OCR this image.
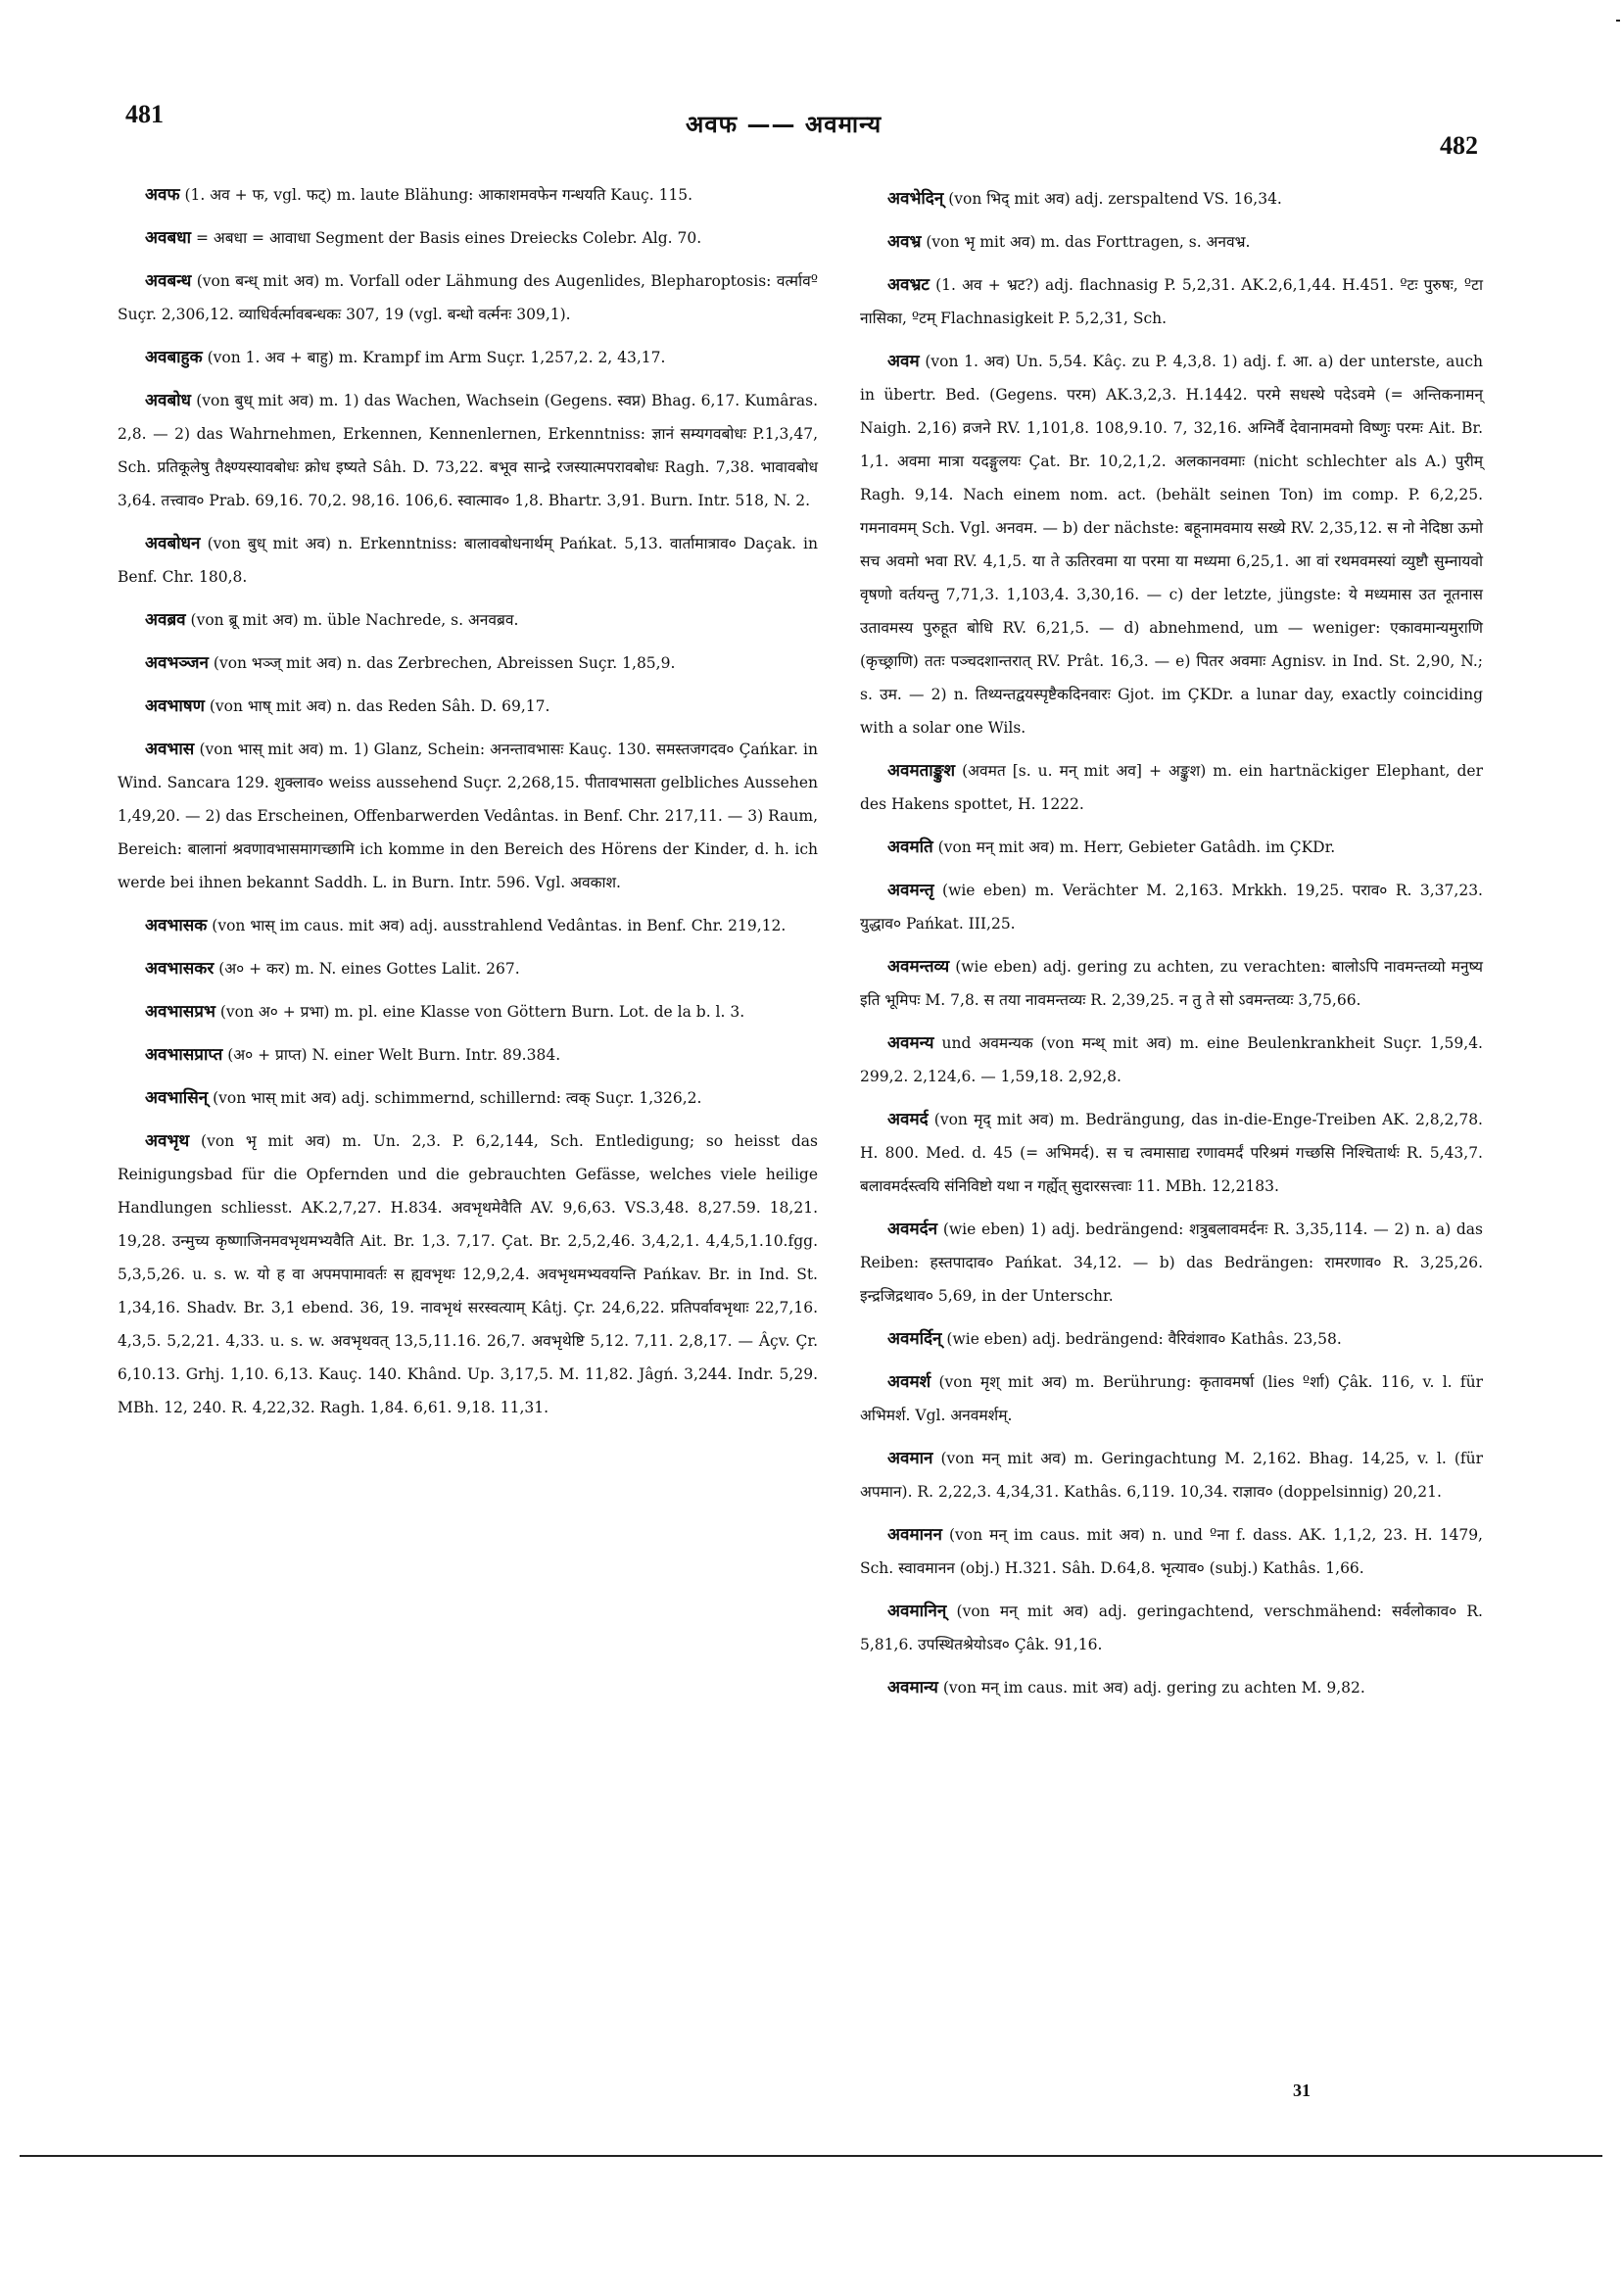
481	अवफ —— अवमान्य
482

अवफ (1. अव + फ, vgl. फट्) m. laute Blähung: आकाशमवफेन गन्धयति Kauç. 115.

अवबधा = अबधा = आवाधा Segment der Basis eines Dreiecks Colebr. Alg. 70.

अवबन्ध (von बन्ध् mit अव) m. Vorfall oder Lähmung des Augenlides, Blepharoptosis: वर्त्मावº Suçr. 2,306,12. व्याधिर्वर्त्मावबन्धकः 307, 19 (vgl. बन्धो वर्त्मनः 309,1).

अवबाहुक (von 1. अव + बाहु) m. Krampf im Arm Suçr. 1,257,2. 2, 43,17.

अवबोध (von बुध् mit अव) m. 1) das Wachen, Wachsein (Gegens. स्वप्न) Bhag. 6,17. Kumâras. 2,8. — 2) das Wahrnehmen, Erkennen, Kennenlernen, Erkenntniss: ज्ञानं सम्यगवबोधः P.1,3,47, Sch. प्रतिकूलेषु तैक्ष्ण्यस्यावबोधः क्रोध इष्यते Sâh. D. 73,22. बभूव सान्द्रे रजस्यात्मपरावबोधः Ragh. 7,38. भावावबोध 3,64. तत्त्वाव० Prab. 69,16. 70,2. 98,16. 106,6. स्वात्माव० 1,8. Bhartr. 3,91. Burn. Intr. 518, N. 2.

अवबोधन (von बुध् mit अव) n. Erkenntniss: बालावबोधनार्थम् Pańkat. 5,13. वार्तामात्राव० Daçak. in Benf. Chr. 180,8.

अवब्रव (von ब्रू mit अव) m. üble Nachrede, s. अनवब्रव.

अवभञ्जन (von भञ्ज् mit अव) n. das Zerbrechen, Abreissen Suçr. 1,85,9.

अवभाषण (von भाष् mit अव) n. das Reden Sâh. D. 69,17.

अवभास (von भास् mit अव) m. 1) Glanz, Schein: अनन्तावभासः Kauç. 130. समस्तजगदव० Çańkar. in Wind. Sancara 129. शुक्लाव० weiss aussehend Suçr. 2,268,15. पीतावभासता gelbliches Aussehen 1,49,20. — 2) das Erscheinen, Offenbarwerden Vedântas. in Benf. Chr. 217,11. — 3) Raum, Bereich: बालानां श्रवणावभासमागच्छामि ich komme in den Bereich des Hörens der Kinder, d. h. ich werde bei ihnen bekannt Saddh. L. in Burn. Intr. 596. Vgl. अवकाश.

अवभासक (von भास् im caus. mit अव) adj. ausstrahlend Vedântas. in Benf. Chr. 219,12.

अवभासकर (अ० + कर) m. N. eines Gottes Lalit. 267.

अवभासप्रभ (von अ० + प्रभा) m. pl. eine Klasse von Göttern Burn. Lot. de la b. l. 3.

अवभासप्राप्त (अ० + प्राप्त) N. einer Welt Burn. Intr. 89.384.

अवभासिन् (von भास् mit अव) adj. schimmernd, schillernd: त्वक् Suçr. 1,326,2.

अवभृथ (von भृ mit अव) m. Un. 2,3. P. 6,2,144, Sch. Entledigung; so heisst das Reinigungsbad für die Opfernden und die gebrauchten Gefässe, welches viele heilige Handlungen schliesst. AK.2,7,27. H.834. अवभृथमेवैति AV. 9,6,63. VS.3,48. 8,27.59. 18,21. 19,28. उन्मुच्य कृष्णाजिनमवभृथमभ्यवैति Ait. Br. 1,3. 7,17. Çat. Br. 2,5,2,46. 3,4,2,1. 4,4,5,1.10.fgg. 5,3,5,26. u. s. w. यो ह वा अपमपामावर्तः स ह्यवभृथः 12,9,2,4. अवभृथमभ्यवयन्ति Pańkav. Br. in Ind. St. 1,34,16. Shadv. Br. 3,1 ebend. 36, 19. नावभृथं सरस्वत्याम् Kâtj. Çr. 24,6,22. प्रतिपर्वावभृथाः 22,7,16. 4,3,5. 5,2,21. 4,33. u. s. w. अवभृथवत् 13,5,11.16. 26,7. अवभृथेष्टि 5,12. 7,11. 2,8,17. — Âçv. Çr. 6,10.13. Grhj. 1,10. 6,13. Kauç. 140. Khând. Up. 3,17,5. M. 11,82. Jâgń. 3,244. Indr. 5,29. MBh. 12, 240. R. 4,22,32. Ragh. 1,84. 6,61. 9,18. 11,31.

अवभेदिन् (von भिद् mit अव) adj. zerspaltend VS. 16,34.

अवभ्र (von भृ mit अव) m. das Forttragen, s. अनवभ्र.

अवभ्रट (1. अव + भ्रट?) adj. flachnasig P. 5,2,31. AK.2,6,1,44. H.451. ºटः पुरुषः, ºटा नासिका, ºटम् Flachnasigkeit P. 5,2,31, Sch.

अवम (von 1. अव) Un. 5,54. Kâç. zu P. 4,3,8. 1) adj. f. आ. a) der unterste, auch in übertr. Bed. (Gegens. परम) AK.3,2,3. H.1442. परमे सधस्थे पदेऽवमे (= अन्तिकनामन् Naigh. 2,16) व्रजने RV. 1,101,8. 108,9.10. 7, 32,16. अग्निर्वै देवानामवमो विष्णुः परमः Ait. Br. 1,1. अवमा मात्रा यदङ्गुलयः Çat. Br. 10,2,1,2. अलकानवमाः (nicht schlechter als A.) पुरीम् Ragh. 9,14. Nach einem nom. act. (behält seinen Ton) im comp. P. 6,2,25. गमनावमम् Sch. Vgl. अनवम. — b) der nächste: बहूनामवमाय सख्ये RV. 2,35,12. स नो नेदिष्ठा ऊमो सच अवमो भवा RV. 4,1,5. या ते ऊतिरवमा या परमा या मध्यमा 6,25,1. आ वां रथमवमस्यां व्युष्टौ सुम्नायवो वृषणो वर्तयन्तु 7,71,3. 1,103,4. 3,30,16. — c) der letzte, jüngste: ये मध्यमास उत नूतनास उतावमस्य पुरुहूत बोधि RV. 6,21,5. — d) abnehmend, um — weniger: एकावमान्यमुराणि (कृच्छ्राणि) ततः पञ्चदशान्तरात् RV. Prât. 16,3. — e) पितर अवमाः Agnisv. in Ind. St. 2,90, N.; s. उम. — 2) n. तिथ्यन्तद्वयस्पृष्टैकदिनवारः Gjot. im ÇKDr. a lunar day, exactly coinciding with a solar one Wils.

अवमताङ्कुश (अवमत [s. u. मन् mit अव] + अङ्कुश) m. ein hartnäckiger Elephant, der des Hakens spottet, H. 1222.

अवमति (von मन् mit अव) m. Herr, Gebieter Gatâdh. im ÇKDr.

अवमन्तृ (wie eben) m. Verächter M. 2,163. Mrkkh. 19,25. पराव० R. 3,37,23. युद्धाव० Pańkat. III,25.

अवमन्तव्य (wie eben) adj. gering zu achten, zu verachten: बालोऽपि नावमन्तव्यो मनुष्य इति भूमिपः M. 7,8. स तया नावमन्तव्यः R. 2,39,25. न तु ते सो ऽवमन्तव्यः 3,75,66.

अवमन्य und अवमन्यक (von मन्थ् mit अव) m. eine Beulenkrankheit Suçr. 1,59,4. 299,2. 2,124,6. — 1,59,18. 2,92,8.

अवमर्द (von मृद् mit अव) m. Bedrängung, das in-die-Enge-Treiben AK. 2,8,2,78. H. 800. Med. d. 45 (= अभिमर्द). स च त्वमासाद्य रणावमर्दं परिश्रमं गच्छसि निश्चितार्थः R. 5,43,7. बलावमर्दस्त्वयि संनिविष्टो यथा न गर्ह्येत् सुदारसत्त्वाः 11. MBh. 12,2183.

अवमर्दन (wie eben) 1) adj. bedrängend: शत्रुबलावमर्दनः R. 3,35,114. — 2) n. a) das Reiben: हस्तपादाव० Pańkat. 34,12. — b) das Bedrängen: रामरणाव० R. 3,25,26. इन्द्रजिद्रथाव० 5,69, in der Unterschr.

अवमर्दिन् (wie eben) adj. bedrängend: वैरिवंशाव० Kathâs. 23,58.

अवमर्श (von मृश् mit अव) m. Berührung: कृतावमर्षा (lies ºर्शा) Çâk. 116, v. l. für अभिमर्श. Vgl. अनवमर्शम्.

अवमान (von मन् mit अव) m. Geringachtung M. 2,162. Bhag. 14,25, v. l. (für अपमान). R. 2,22,3. 4,34,31. Kathâs. 6,119. 10,34. राज्ञाव० (doppelsinnig) 20,21.

अवमानन (von मन् im caus. mit अव) n. und ºना f. dass. AK. 1,1,2, 23. H. 1479, Sch. स्वावमानन (obj.) H.321. Sâh. D.64,8. भृत्याव० (subj.) Kathâs. 1,66.

अवमानिन् (von मन् mit अव) adj. geringachtend, verschmähend: सर्वलोकाव० R. 5,81,6. उपस्थितश्रेयोऽव० Çâk. 91,16.

अवमान्य (von मन् im caus. mit अव) adj. gering zu achten M. 9,82.

31
